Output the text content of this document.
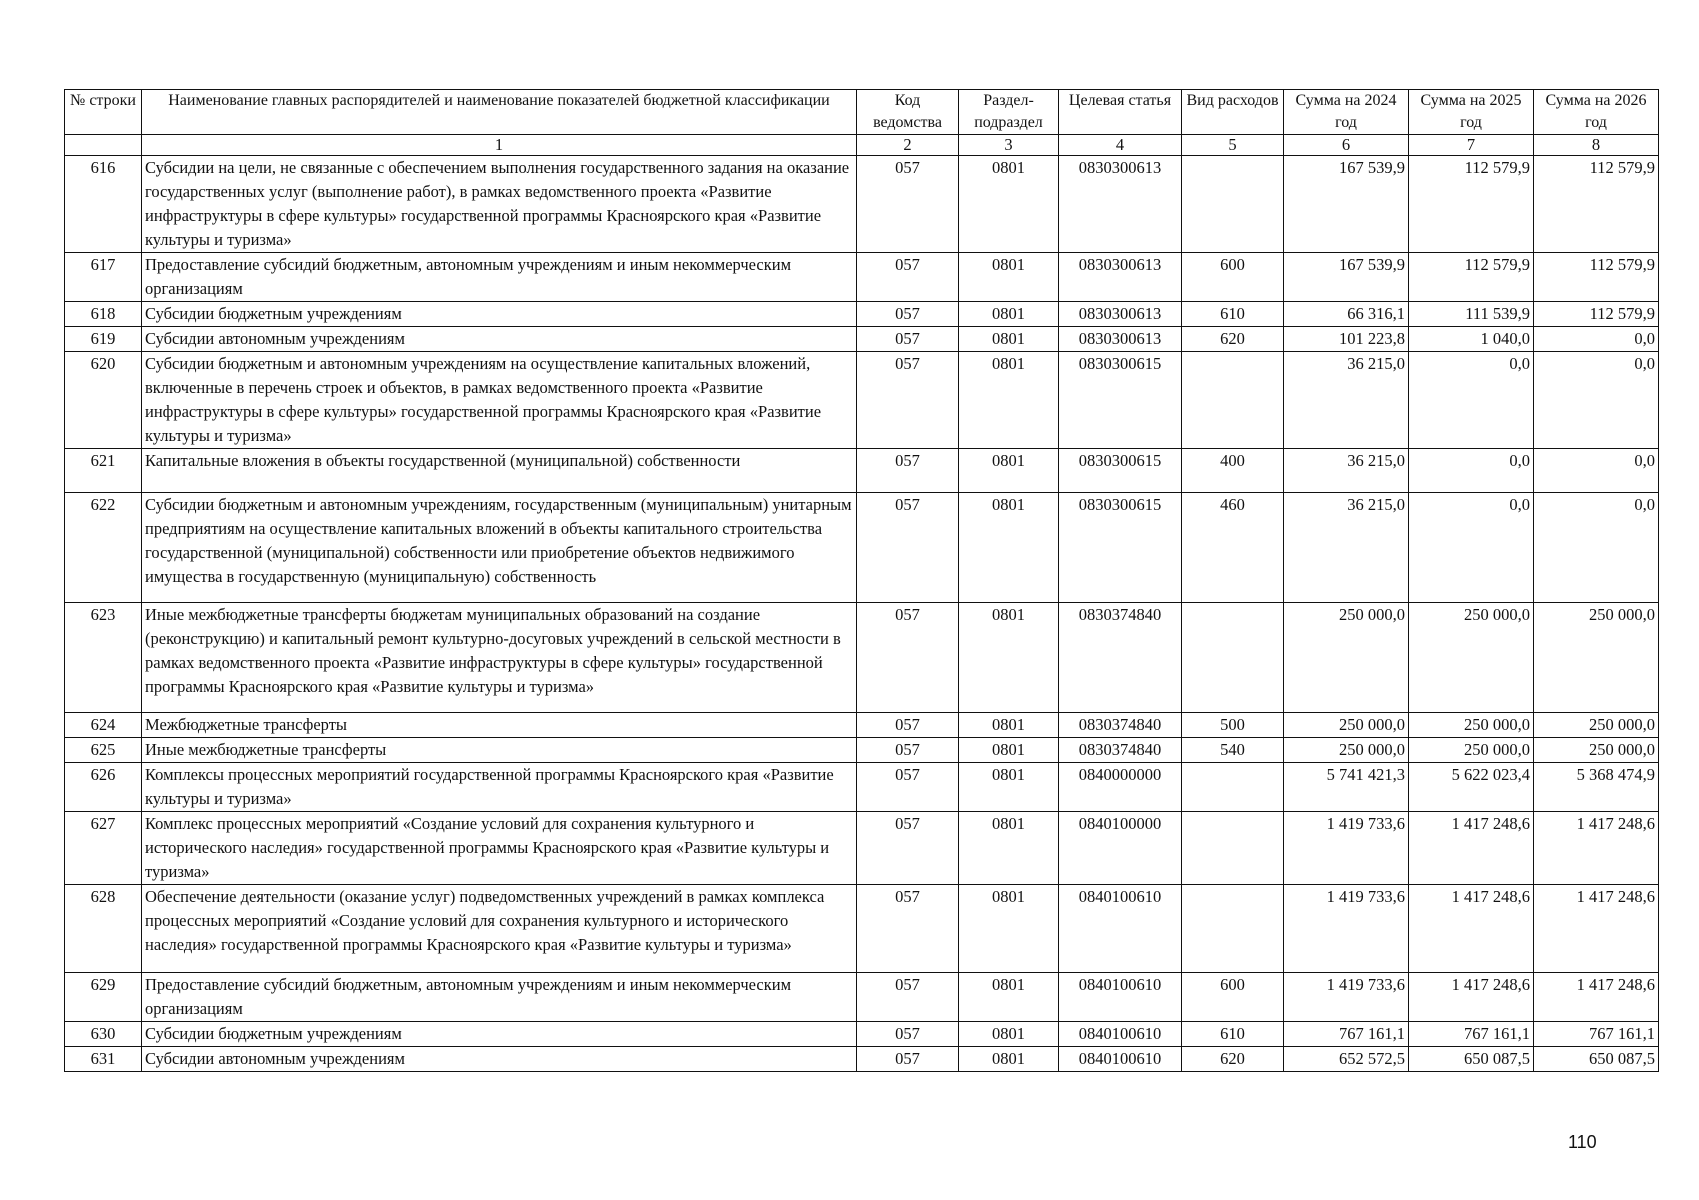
№ строки	Наименование главных распорядителей и наименование показателей бюджетной классификации	Код ведомства	Раздел-подраздел	Целевая статья	Вид расходов	Сумма на 2024 год	Сумма на 2025 год	Сумма на 2026 год
	1	2	3	4	5	6	7	8
616	Субсидии на цели, не связанные с обеспечением выполнения государственного задания на оказание государственных услуг (выполнение работ), в рамках ведомственного проекта «Развитие инфраструктуры в сфере культуры» государственной программы Красноярского края «Развитие культуры и туризма»	057	0801	0830300613		167 539,9	112 579,9	112 579,9
617	Предоставление субсидий бюджетным, автономным учреждениям и иным некоммерческим организациям	057	0801	0830300613	600	167 539,9	112 579,9	112 579,9
618	Субсидии бюджетным учреждениям	057	0801	0830300613	610	66 316,1	111 539,9	112 579,9
619	Субсидии автономным учреждениям	057	0801	0830300613	620	101 223,8	1 040,0	0,0
620	Субсидии бюджетным и автономным учреждениям на осуществление капитальных вложений, включенные в перечень строек и объектов, в рамках ведомственного проекта «Развитие инфраструктуры в сфере культуры» государственной программы Красноярского края «Развитие культуры и туризма»	057	0801	0830300615		36 215,0	0,0	0,0
621	Капитальные вложения в объекты государственной (муниципальной) собственности	057	0801	0830300615	400	36 215,0	0,0	0,0
622	Субсидии бюджетным и автономным учреждениям, государственным (муниципальным) унитарным предприятиям на осуществление капитальных вложений в объекты капитального строительства государственной (муниципальной) собственности или приобретение объектов недвижимого имущества в государственную (муниципальную) собственность	057	0801	0830300615	460	36 215,0	0,0	0,0
623	Иные межбюджетные трансферты бюджетам муниципальных образований на создание (реконструкцию) и капитальный ремонт культурно-досуговых учреждений в сельской местности в рамках ведомственного проекта «Развитие инфраструктуры в сфере культуры» государственной программы Красноярского края «Развитие культуры и туризма»	057	0801	0830374840		250 000,0	250 000,0	250 000,0
624	Межбюджетные трансферты	057	0801	0830374840	500	250 000,0	250 000,0	250 000,0
625	Иные межбюджетные трансферты	057	0801	0830374840	540	250 000,0	250 000,0	250 000,0
626	Комплексы процессных мероприятий государственной программы Красноярского края «Развитие культуры и туризма»	057	0801	0840000000		5 741 421,3	5 622 023,4	5 368 474,9
627	Комплекс процессных мероприятий «Создание условий для сохранения культурного и исторического наследия» государственной программы Красноярского края «Развитие культуры и туризма»	057	0801	0840100000		1 419 733,6	1 417 248,6	1 417 248,6
628	Обеспечение деятельности (оказание услуг) подведомственных учреждений в рамках комплекса процессных мероприятий «Создание условий для сохранения культурного и исторического наследия» государственной программы Красноярского края «Развитие культуры и туризма»	057	0801	0840100610		1 419 733,6	1 417 248,6	1 417 248,6
629	Предоставление субсидий бюджетным, автономным учреждениям и иным некоммерческим организациям	057	0801	0840100610	600	1 419 733,6	1 417 248,6	1 417 248,6
630	Субсидии бюджетным учреждениям	057	0801	0840100610	610	767 161,1	767 161,1	767 161,1
631	Субсидии автономным учреждениям	057	0801	0840100610	620	652 572,5	650 087,5	650 087,5
110
